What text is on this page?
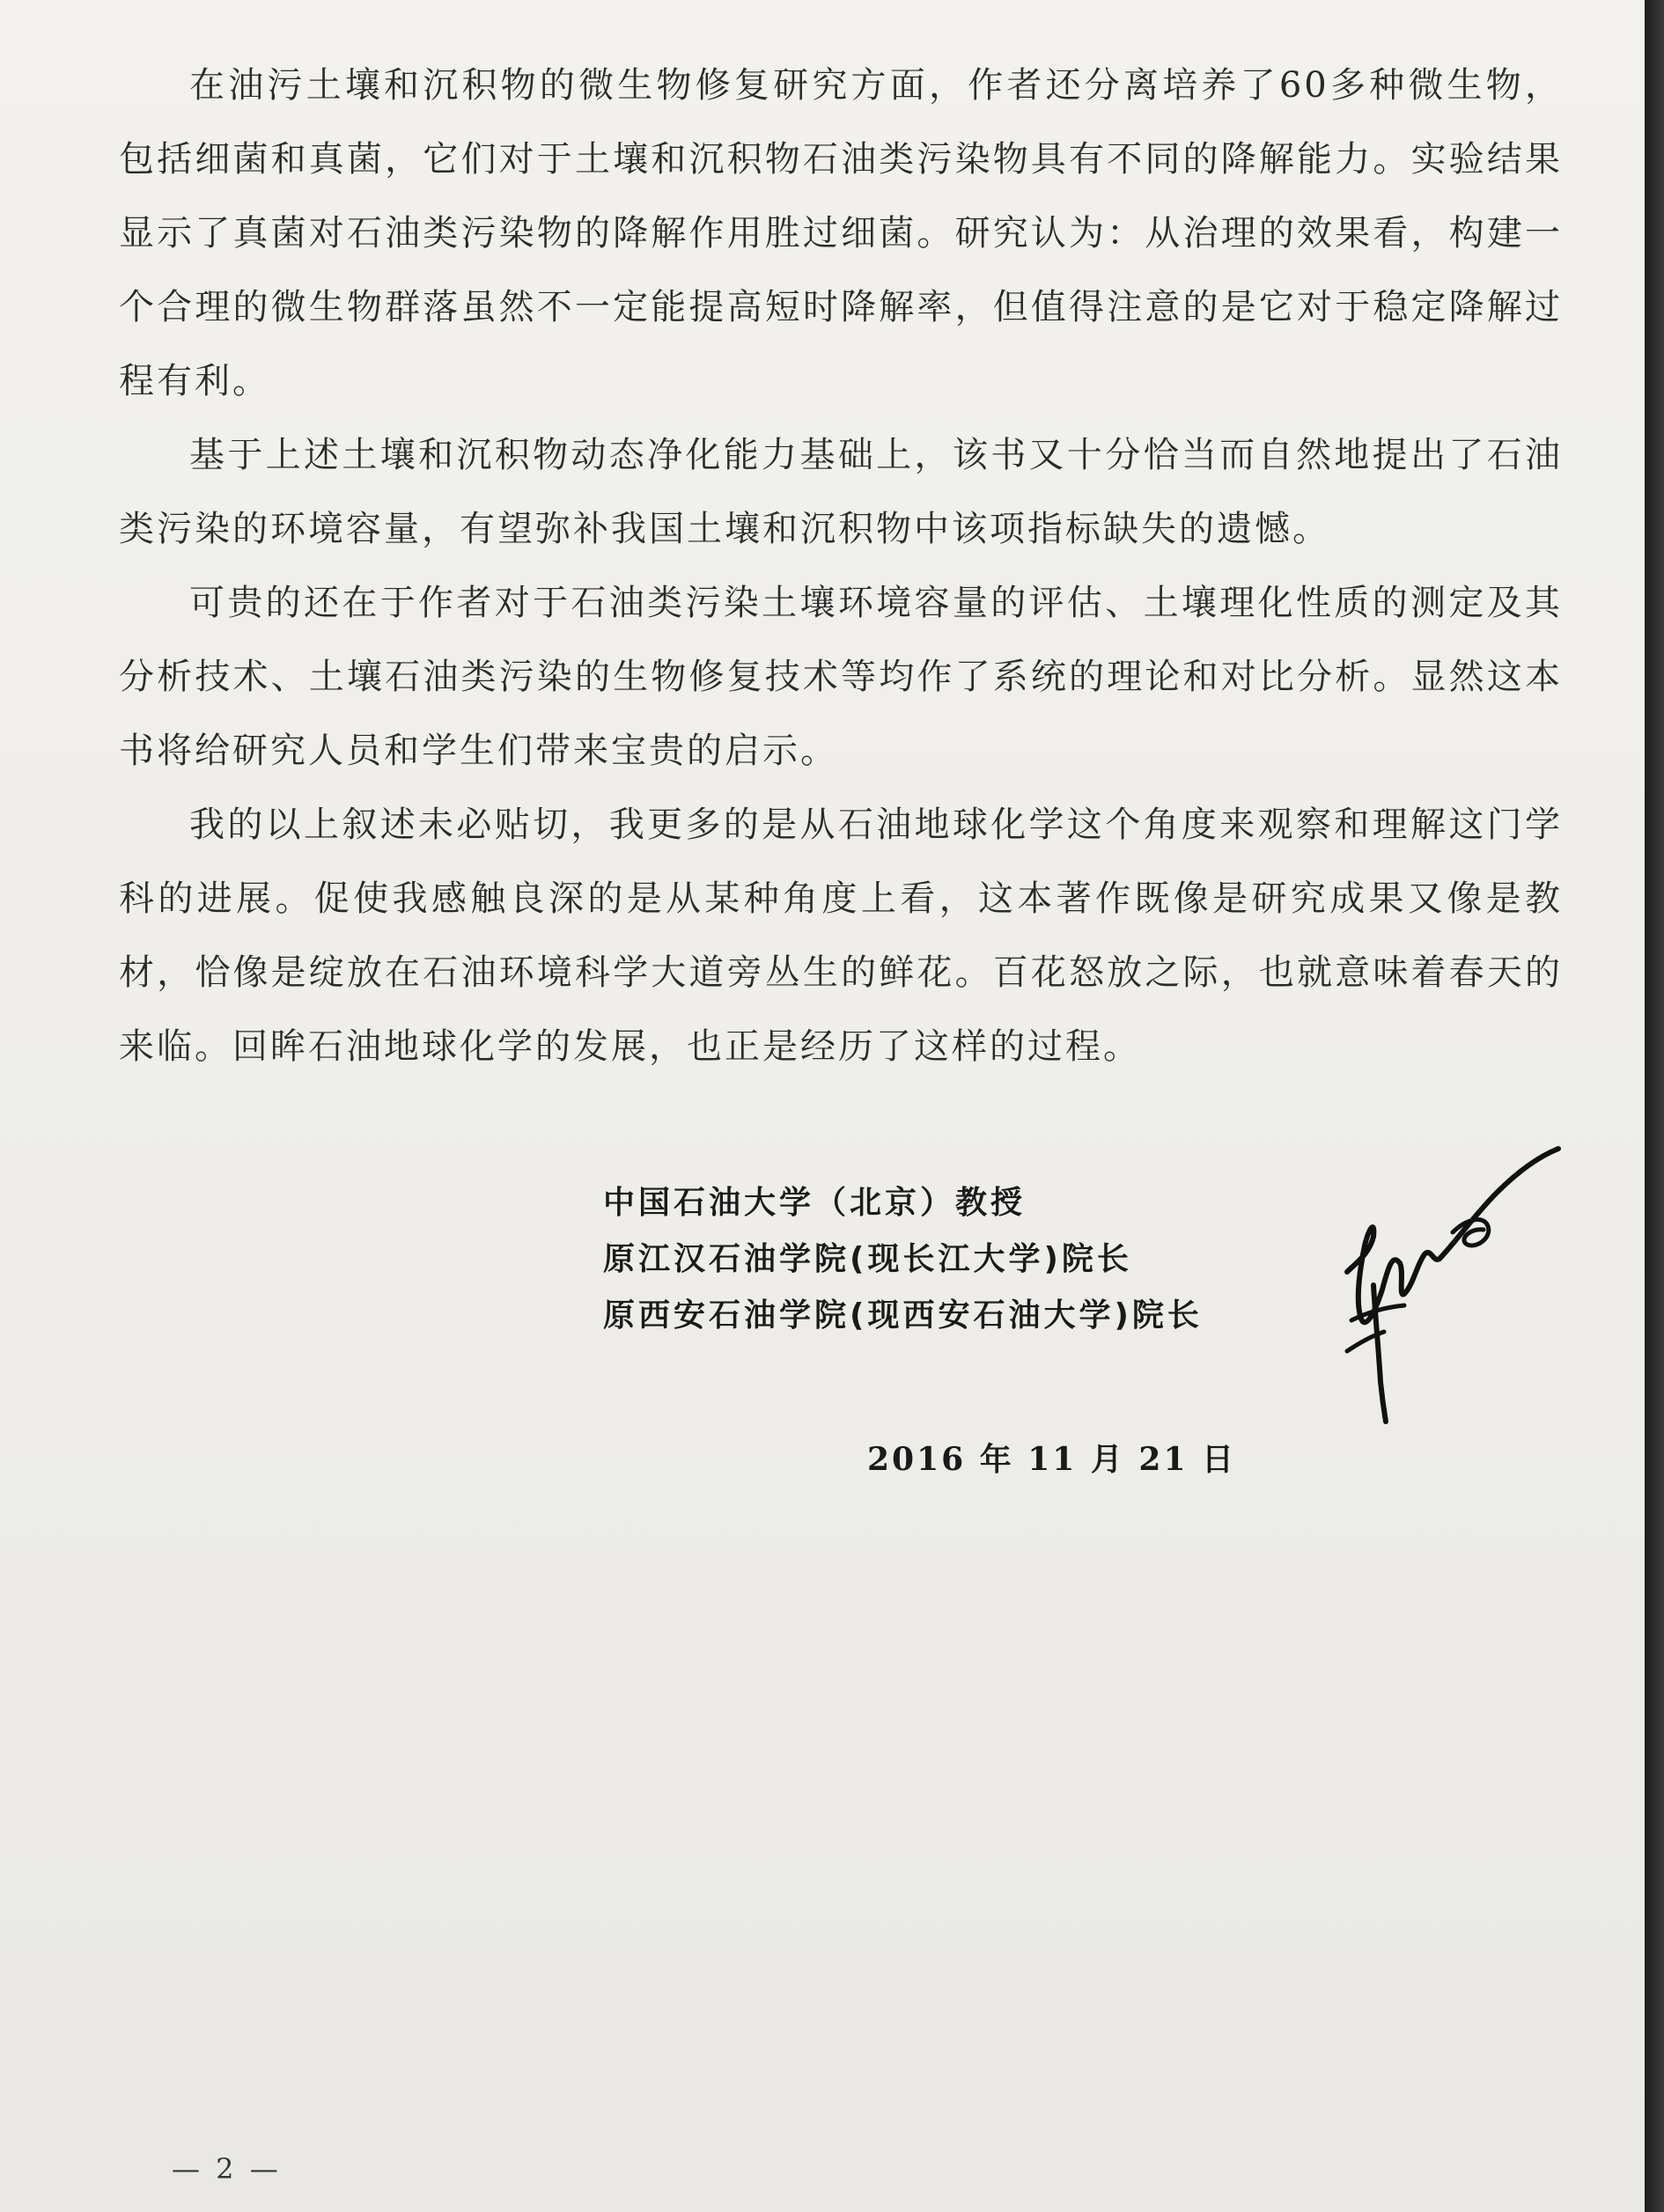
在油污土壤和沉积物的微生物修复研究方面，作者还分离培养了60多种微生物，包括细菌和真菌，它们对于土壤和沉积物石油类污染物具有不同的降解能力。实验结果显示了真菌对石油类污染物的降解作用胜过细菌。研究认为：从治理的效果看，构建一个合理的微生物群落虽然不一定能提高短时降解率，但值得注意的是它对于稳定降解过程有利。

基于上述土壤和沉积物动态净化能力基础上，该书又十分恰当而自然地提出了石油类污染的环境容量，有望弥补我国土壤和沉积物中该项指标缺失的遗憾。

可贵的还在于作者对于石油类污染土壤环境容量的评估、土壤理化性质的测定及其分析技术、土壤石油类污染的生物修复技术等均作了系统的理论和对比分析。显然这本书将给研究人员和学生们带来宝贵的启示。

我的以上叙述未必贴切，我更多的是从石油地球化学这个角度来观察和理解这门学科的进展。促使我感触良深的是从某种角度上看，这本著作既像是研究成果又像是教材，恰像是绽放在石油环境科学大道旁丛生的鲜花。百花怒放之际，也就意味着春天的来临。回眸石油地球化学的发展，也正是经历了这样的过程。

中国石油大学（北京）教授
原江汉石油学院(现长江大学)院长
原西安石油学院(现西安石油大学)院长
2016 年 11 月 21 日
— 2 —
